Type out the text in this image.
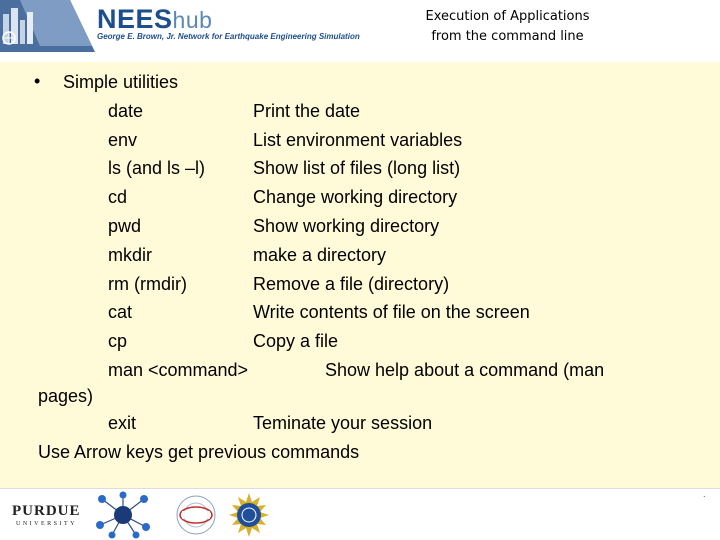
NEEShub
George E. Brown, Jr. Network for Earthquake Engineering Simulation
Execution of Applications
from the command line
• Simple utilities
date	Print the date
env	List environment variables
ls (and ls –l)	Show list of files (long list)
cd	Change working directory
pwd	Show working directory
mkdir	make a directory
rm (rmdir)	Remove a file (directory)
cat	Write contents of file on the screen
cp	Copy a file
man <command>	Show help about a command (man
pages)
exit	Teminate your session
Use Arrow keys get previous commands
PURDUE
UNIVERSITY
·
